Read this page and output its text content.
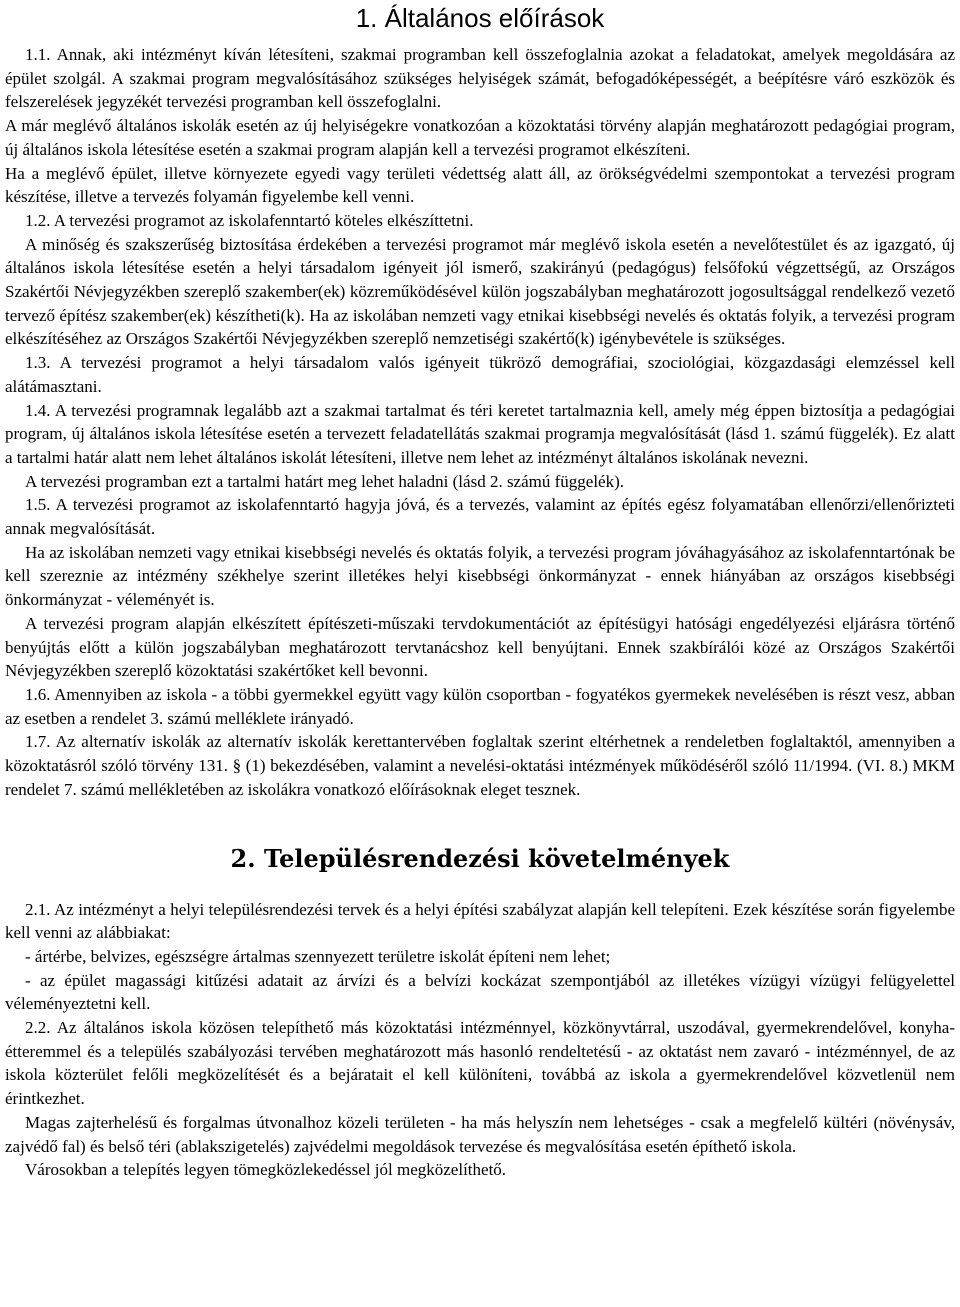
1. Általános előírások

1.1. Annak, aki intézményt kíván létesíteni, szakmai programban kell összefoglalnia azokat a feladatokat, amelyek megoldására az épület szolgál. A szakmai program megvalósításához szükséges helyiségek számát, befogadóképességét, a beépítésre váró eszközök és felszerelések jegyzékét tervezési programban kell összefoglalni.

A már meglévő általános iskolák esetén az új helyiségekre vonatkozóan a közoktatási törvény alapján meghatározott pedagógiai program, új általános iskola létesítése esetén a szakmai program alapján kell a tervezési programot elkészíteni.

Ha a meglévő épület, illetve környezete egyedi vagy területi védettség alatt áll, az örökségvédelmi szempontokat a tervezési program készítése, illetve a tervezés folyamán figyelembe kell venni.

1.2. A tervezési programot az iskolafenntartó köteles elkészíttetni.

A minőség és szakszerűség biztosítása érdekében a tervezési programot már meglévő iskola esetén a nevelőtestület és az igazgató, új általános iskola létesítése esetén a helyi társadalom igényeit jól ismerő, szakirányú (pedagógus) felsőfokú végzettségű, az Országos Szakértői Névjegyzékben szereplő szakember(ek) közreműködésével külön jogszabályban meghatározott jogosultsággal rendelkező vezető tervező építész szakember(ek) készítheti(k). Ha az iskolában nemzeti vagy etnikai kisebbségi nevelés és oktatás folyik, a tervezési program elkészítéséhez az Országos Szakértői Névjegyzékben szereplő nemzetiségi szakértő(k) igénybevétele is szükséges.

1.3. A tervezési programot a helyi társadalom valós igényeit tükröző demográfiai, szociológiai, közgazdasági elemzéssel kell alátámasztani.

1.4. A tervezési programnak legalább azt a szakmai tartalmat és téri keretet tartalmaznia kell, amely még éppen biztosítja a pedagógiai program, új általános iskola létesítése esetén a tervezett feladatellátás szakmai programja megvalósítását (lásd 1. számú függelék). Ez alatt a tartalmi határ alatt nem lehet általános iskolát létesíteni, illetve nem lehet az intézményt általános iskolának nevezni.

A tervezési programban ezt a tartalmi határt meg lehet haladni (lásd 2. számú függelék).

1.5. A tervezési programot az iskolafenntartó hagyja jóvá, és a tervezés, valamint az építés egész folyamatában ellenőrzi/ellenőrizteti annak megvalósítását.

Ha az iskolában nemzeti vagy etnikai kisebbségi nevelés és oktatás folyik, a tervezési program jóváhagyásához az iskolafenntartónak be kell szereznie az intézmény székhelye szerint illetékes helyi kisebbségi önkormányzat - ennek hiányában az országos kisebbségi önkormányzat - véleményét is.

A tervezési program alapján elkészített építészeti-műszaki tervdokumentációt az építésügyi hatósági engedélyezési eljárásra történő benyújtás előtt a külön jogszabályban meghatározott tervtanácshoz kell benyújtani. Ennek szakbírálói közé az Országos Szakértői Névjegyzékben szereplő közoktatási szakértőket kell bevonni.

1.6. Amennyiben az iskola - a többi gyermekkel együtt vagy külön csoportban - fogyatékos gyermekek nevelésében is részt vesz, abban az esetben a rendelet 3. számú melléklete irányadó.

1.7. Az alternatív iskolák az alternatív iskolák kerettantervében foglaltak szerint eltérhetnek a rendeletben foglaltaktól, amennyiben a közoktatásról szóló törvény 131. § (1) bekezdésében, valamint a nevelési-oktatási intézmények működéséről szóló 11/1994. (VI. 8.) MKM rendelet 7. számú mellékletében az iskolákra vonatkozó előírásoknak eleget tesznek.

2. Településrendezési követelmények

2.1. Az intézményt a helyi településrendezési tervek és a helyi építési szabályzat alapján kell telepíteni. Ezek készítése során figyelembe kell venni az alábbiakat:

- ártérbe, belvizes, egészségre ártalmas szennyezett területre iskolát építeni nem lehet;

- az épület magassági kitűzési adatait az árvízi és a belvízi kockázat szempontjából az illetékes vízügyi vízügyi felügyelettel véleményeztetni kell.

2.2. Az általános iskola közösen telepíthető más közoktatási intézménnyel, közkönyvtárral, uszodával, gyermekrendelővel, konyha-étteremmel és a település szabályozási tervében meghatározott más hasonló rendeltetésű - az oktatást nem zavaró - intézménnyel, de az iskola közterület felőli megközelítését és a bejáratait el kell különíteni, továbbá az iskola a gyermekrendelővel közvetlenül nem érintkezhet.

Magas zajterhelésű és forgalmas útvonalhoz közeli területen - ha más helyszín nem lehetséges - csak a megfelelő kültéri (növénysáv, zajvédő fal) és belső téri (ablakszigetelés) zajvédelmi megoldások tervezése és megvalósítása esetén építhető iskola.

Városokban a telepítés legyen tömegközlekedéssel jól megközelíthető.
